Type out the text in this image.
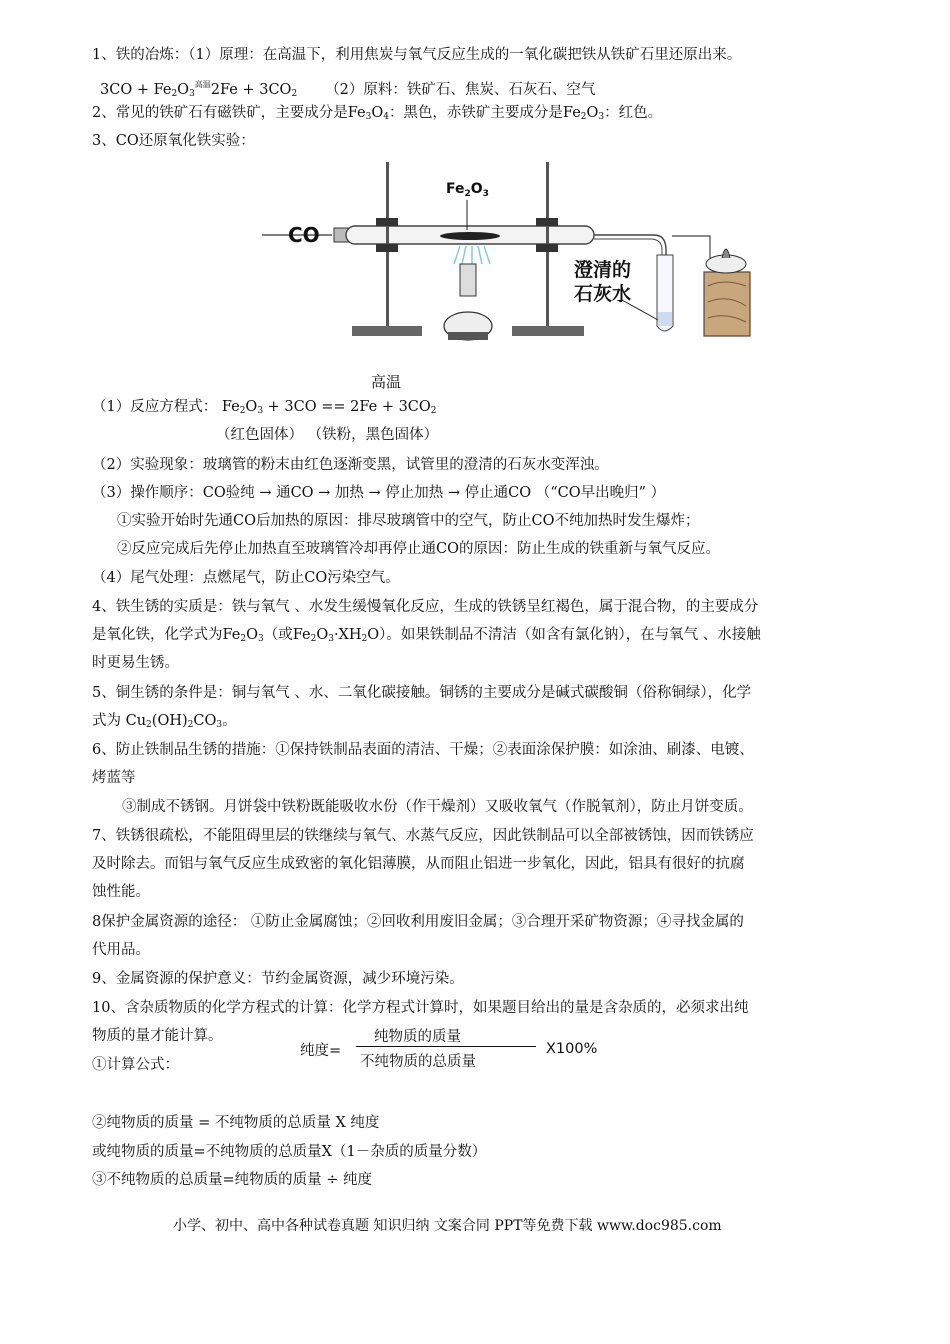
1、铁的冶炼：（1）原理：在高温下，利用焦炭与氧气反应生成的一氧化碳把铁从铁矿石里还原出来。
$3CO + Fe_2O_3^{高温}2Fe + 3CO_2$ （2）原料：铁矿石、焦炭、石灰石、空气
2、常见的铁矿石有磁铁矿，主要成分是$Fe_3O_4$：黑色，赤铁矿主要成分是$Fe_2O_3$：红色。
3、CO还原氧化铁实验：
CO
$Fe_2O_3$
澄清的
石灰水
高温
（1）反应方程式： $Fe_2O_3 + 3CO == 2Fe + 3CO_2$
（红色固体） （铁粉，黑色固体）
（2）实验现象：玻璃管的粉末由红色逐渐变黑，试管里的澄清的石灰水变浑浊。
（3）操作顺序：CO验纯 → 通CO → 加热 → 停止加热 → 停止通CO （“CO早出晚归” ）
①实验开始时先通CO后加热的原因：排尽玻璃管中的空气，防止CO不纯加热时发生爆炸；
②反应完成后先停止加热直至玻璃管冷却再停止通CO的原因：防止生成的铁重新与氧气反应。
（4）尾气处理：点燃尾气，防止CO污染空气。
4、铁生锈的实质是：铁与氧气 、水发生缓慢氧化反应，生成的铁锈呈红褐色，属于混合物，的主要成分
是氧化铁，化学式为$Fe_2O_3$（或$Fe_2O_3\cdot XH_2O$）。如果铁制品不清洁（如含有氯化钠），在与氧气 、水接触
时更易生锈。
5、铜生锈的条件是：铜与氧气 、水、二氧化碳接触。铜锈的主要成分是碱式碳酸铜（俗称铜绿），化学
式为 $Cu_2(OH)_2CO_3$。
6、防止铁制品生锈的措施：①保持铁制品表面的清洁、干燥；②表面涂保护膜：如涂油、刷漆、电镀、
烤蓝等
③制成不锈钢。月饼袋中铁粉既能吸收水份（作干燥剂）又吸收氧气（作脱氧剂），防止月饼变质。
7、铁锈很疏松，不能阻碍里层的铁继续与氧气、水蒸气反应，因此铁制品可以全部被锈蚀，因而铁锈应
及时除去。而铝与氧气反应生成致密的氧化铝薄膜，从而阻止铝进一步氧化，因此，铝具有很好的抗腐
蚀性能。
8保护金属资源的途径： ①防止金属腐蚀；②回收利用废旧金属；③合理开采矿物资源；④寻找金属的
代用品。
9、金属资源的保护意义：节约金属资源，减少环境污染。
10、含杂质物质的化学方程式的计算：化学方程式计算时，如果题目给出的量是含杂质的，必须求出纯
物质的量才能计算。
①计算公式：
纯度=
纯物质的质量
不纯物质的总质量
X100%
②纯物质的质量 = 不纯物质的总质量 X 纯度
或纯物质的质量=不纯物质的总质量X（1－杂质的质量分数）
③不纯物质的总质量=纯物质的质量 ÷ 纯度
小学、初中、高中各种试卷真题 知识归纳 文案合同 PPT等免费下载 www.doc985.com
